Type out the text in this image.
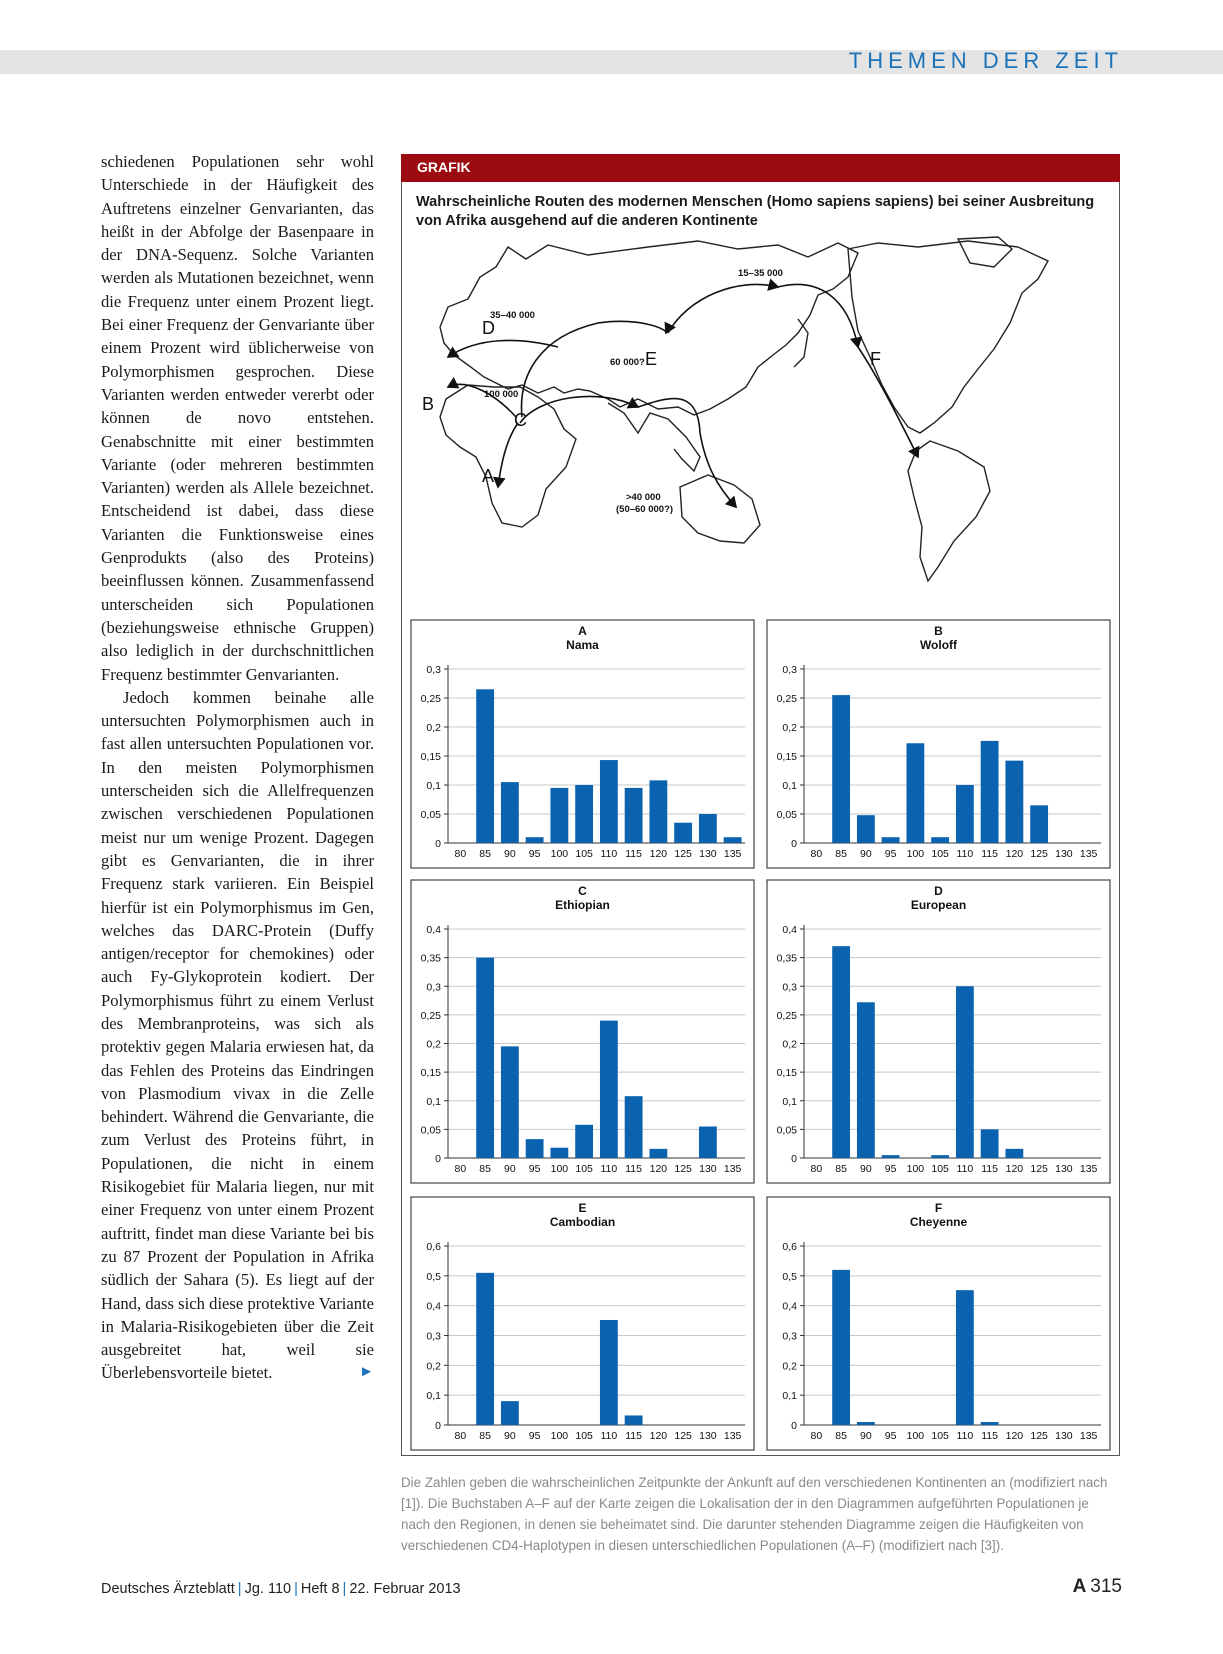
THEMEN DER ZEIT

schiedenen Populationen sehr wohl Unterschiede in der Häufigkeit des Auftretens einzelner Genvarianten, das heißt in der Abfolge der Basenpaare in der DNA-Sequenz. Solche Varianten werden als Mutationen bezeichnet, wenn die Frequenz unter einem Prozent liegt. Bei einer Frequenz der Genvariante über einem Prozent wird üblicherweise von Polymorphismen gesprochen. Diese Varianten werden entweder vererbt oder können de novo entstehen. Genabschnitte mit einer bestimmten Variante (oder mehreren bestimmten Varianten) werden als Allele bezeichnet. Entscheidend ist dabei, dass diese Varianten die Funktionsweise eines Genprodukts (also des Proteins) beeinflussen können. Zusammenfassend unterscheiden sich Populationen (beziehungsweise ethnische Gruppen) also lediglich in der durchschnittlichen Frequenz bestimmter Genvarianten.

Jedoch kommen beinahe alle untersuchten Polymorphismen auch in fast allen untersuchten Populationen vor. In den meisten Polymorphismen unterscheiden sich die Allelfrequenzen zwischen verschiedenen Populationen meist nur um wenige Prozent. Dagegen gibt es Genvarianten, die in ihrer Frequenz stark variieren. Ein Beispiel hierfür ist ein Polymorphismus im Gen, welches das DARC-Protein (Duffy antigen/receptor for chemokines) oder auch Fy-Glykoprotein kodiert. Der Polymorphismus führt zu einem Verlust des Membranproteins, was sich als protektiv gegen Malaria erwiesen hat, da das Fehlen des Proteins das Eindringen von Plasmodium vivax in die Zelle behindert. Während die Genvariante, die zum Verlust des Proteins führt, in Populationen, die nicht in einem Risikogebiet für Malaria liegen, nur mit einer Frequenz von unter einem Prozent auftritt, findet man diese Variante bei bis zu 87 Prozent der Population in Afrika südlich der Sahara (5). Es liegt auf der Hand, dass sich diese protektive Variante in Malaria-Risikogebieten über die Zeit ausgebreitet hat, weil sie Überlebensvorteile bietet.	►

GRAFIK
Wahrscheinliche Routen des modernen Menschen (Homo sapiens sapiens) bei seiner Ausbreitung von Afrika ausgehend auf die anderen Kontinente
A
B
C
D
E	F
35–40 000
15–35 000
60 000?
100 000
>40 000
(50–60 000?)
A
Nama
0
0,05
0,1
0,15
0,2
0,25
0,3
80 85 90 95 100 105 110 115 120 125 130 135
B
Woloff
0
0,05
0,1
0,15
0,2
0,25
0,3
80 85 90 95 100 105 110 115 120 125 130 135
C
Ethiopian
0
0,05
0,1
0,15
0,2
0,25
0,3
0,35
0,4
80 85 90 95 100 105 110 115 120 125 130 135
D
European
0
0,05
0,1
0,15
0,2
0,25
0,3
0,35
0,4
80 85 90 95 100 105 110 115 120 125 130 135
E
Cambodian
0
0,1
0,2
0,3
0,4
0,5
0,6
80 85 90 95 100 105 110 115 120 125 130 135
F
Cheyenne
0
0,1
0,2
0,3
0,4
0,5
0,6
80 85 90 95 100 105 110 115 120 125 130 135
Die Zahlen geben die wahrscheinlichen Zeitpunkte der Ankunft auf den verschiedenen Kontinenten an (modifiziert nach [1]). Die Buchstaben A–F auf der Karte zeigen die Lokalisation der in den Diagrammen aufgeführten Populationen je nach den Regionen, in denen sie beheimatet sind. Die darunter stehenden Diagramme zeigen die Häufigkeiten von verschiedenen CD4-Haplotypen in diesen unterschiedlichen Populationen (A–F) (modifiziert nach [3]).
Deutsches Ärzteblatt | Jg. 110 | Heft 8 | 22. Februar 2013	A 315
